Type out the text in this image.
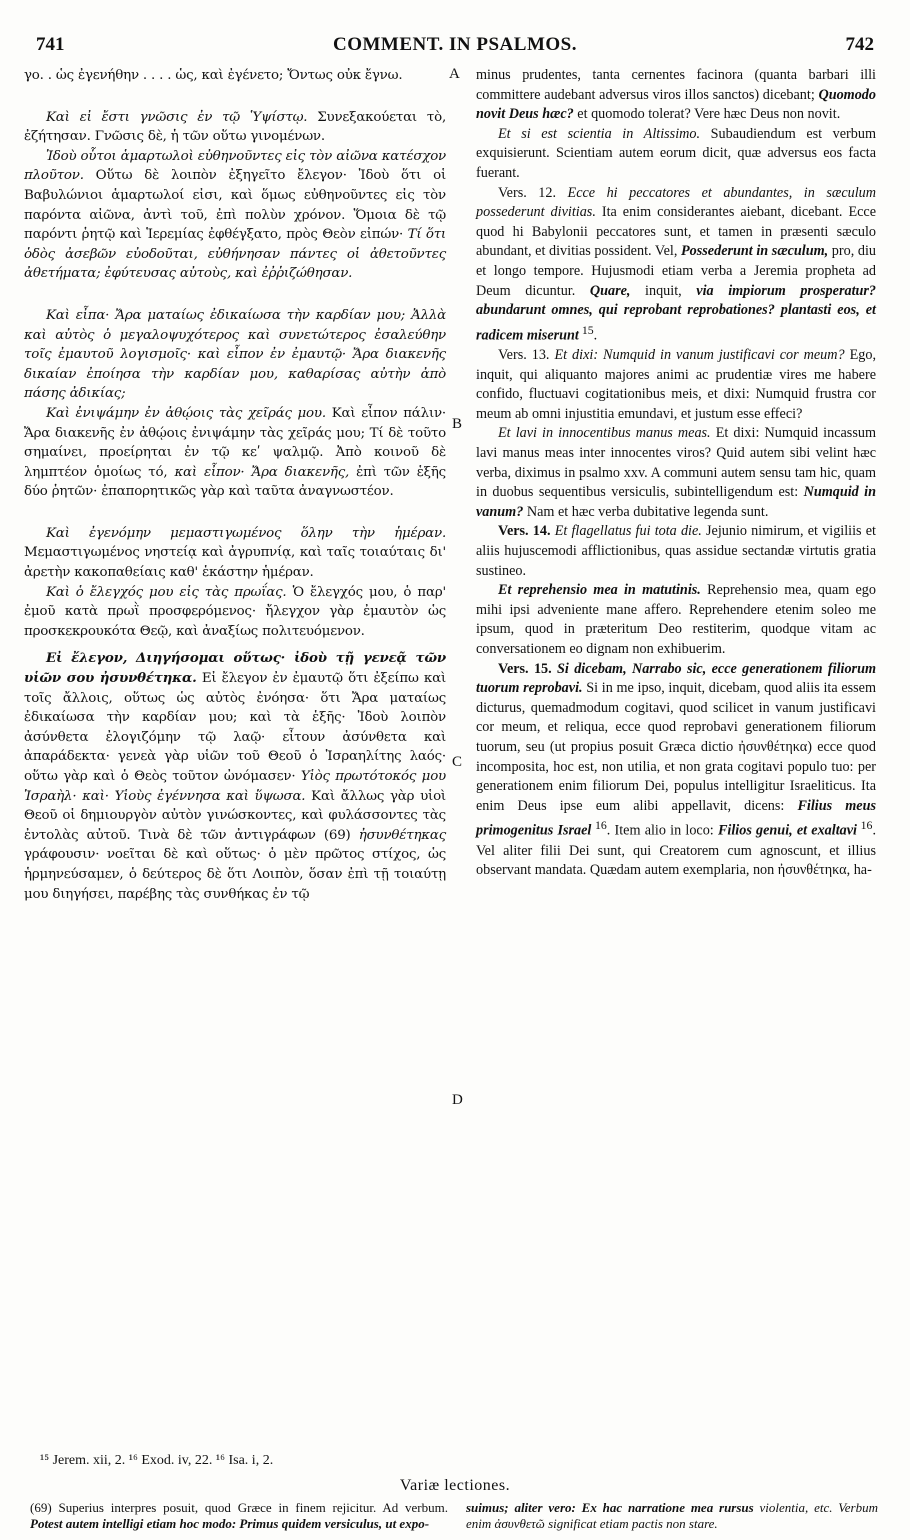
741	COMMENT. IN PSALMOS.	742

γο. . ὡς ἐγενήθην . . . . ὡς, καὶ ἐγένετο; Ὄντως οὐκ ἔγνω.

Καὶ εἰ ἔστι γνῶσις ἐν τῷ Ὑψίστῳ. Συνεξακούεται τὸ, ἐζήτησαν. Γνῶσις δὲ, ἡ τῶν οὕτω γινομένων.

Ἰδοὺ οὗτοι ἁμαρτωλοὶ εὐθηνοῦντες εἰς τὸν αἰῶνα κατέσχον πλοῦτον. Οὕτω δὲ λοιπὸν ἐξηγεῖτο ἔλεγον· Ἰδοὺ ὅτι οἱ Βαβυλώνιοι ἁμαρτωλοί εἰσι, καὶ ὅμως εὐθηνοῦντες εἰς τὸν παρόντα αἰῶνα, ἀντὶ τοῦ, ἐπὶ πολὺν χρόνον. Ὅμοια δὲ τῷ παρόντι ῥητῷ καὶ Ἱερεμίας ἐφθέγξατο, πρὸς Θεὸν εἰπών· Τί ὅτι ὁδὸς ἀσεβῶν εὐοδοῦται, εὐθήνησαν πάντες οἱ ἀθετοῦντες ἀθετήματα; ἐφύτευσας αὐτοὺς, καὶ ἐῤῥιζώθησαν.

Καὶ εἶπα· Ἄρα ματαίως ἐδικαίωσα τὴν καρδίαν μου; Ἀλλὰ καὶ αὐτὸς ὁ μεγαλοψυχότερος καὶ συνετώτερος ἐσαλεύθην τοῖς ἐμαυτοῦ λογισμοῖς· καὶ εἶπον ἐν ἐμαυτῷ· Ἄρα διακενῆς δικαίαν ἐποίησα τὴν καρδίαν μου, καθαρίσας αὐτὴν ἀπὸ πάσης ἀδικίας;

Καὶ ἐνιψάμην ἐν ἀθῴοις τὰς χεῖράς μου. Καὶ εἶπον πάλιν· Ἄρα διακενῆς ἐν ἀθῴοις ἐνιψάμην τὰς χεῖράς μου; Τί δὲ τοῦτο σημαίνει, προείρηται ἐν τῷ κεʹ ψαλμῷ. Ἀπὸ κοινοῦ δὲ λημπτέον ὁμοίως τό, καὶ εἶπον· Ἄρα διακενῆς, ἐπὶ τῶν ἑξῆς δύο ῥητῶν· ἐπαπορητικῶς γὰρ καὶ ταῦτα ἀναγνωστέον.

Καὶ ἐγενόμην μεμαστιγωμένος ὅλην τὴν ἡμέραν. Μεμαστιγωμένος νηστείᾳ καὶ ἀγρυπνίᾳ, καὶ ταῖς τοιαύταις δι' ἀρετὴν κακοπαθείαις καθ' ἑκάστην ἡμέραν.

Καὶ ὁ ἔλεγχός μου εἰς τὰς πρωΐας. Ὁ ἔλεγχός μου, ὁ παρ' ἐμοῦ κατὰ πρωῒ προσφερόμενος· ἤλεγχον γὰρ ἐμαυτὸν ὡς προσκεκρουκότα Θεῷ, καὶ ἀναξίως πολιτευόμενον.

Εἰ ἔλεγον, Διηγήσομαι οὕτως· ἰδοὺ τῇ γενεᾷ τῶν υἱῶν σου ἠσυνθέτηκα. Εἰ ἔλεγον ἐν ἐμαυτῷ ὅτι ἐξείπω καὶ τοῖς ἄλλοις, οὕτως ὡς αὐτὸς ἐνόησα· ὅτι Ἄρα ματαίως ἐδικαίωσα τὴν καρδίαν μου; καὶ τὰ ἑξῆς· Ἰδοὺ λοιπὸν ἀσύνθετα ἐλογιζόμην τῷ λαῷ· εἶτουν ἀσύνθετα καὶ ἀπαράδεκτα· γενεὰ γὰρ υἱῶν τοῦ Θεοῦ ὁ Ἰσραηλίτης λαός· οὕτω γὰρ καὶ ὁ Θεὸς τοῦτον ὠνόμασεν· Υἱὸς πρωτότοκός μου Ἰσραὴλ· καὶ· Υἱοὺς ἐγέννησα καὶ ὕψωσα. Καὶ ἄλλως γὰρ υἱοὶ Θεοῦ οἱ δημιουργὸν αὐτὸν γινώσκοντες, καὶ φυλάσσοντες τὰς ἐντολὰς αὐτοῦ. Τινὰ δὲ τῶν ἀντιγράφων (69) ἠσυνθέτηκας γράφουσιν· νοεῖται δὲ καὶ οὕτως· ὁ μὲν πρῶτος στίχος, ὡς ἡρμηνεύσαμεν, ὁ δεύτερος δὲ ὅτι Λοιπὸν, ὅσαν ἐπὶ τῇ τοιαύτῃ μου διηγήσει, παρέβης τὰς συνθήκας ἐν τῷ

A
B
C
D

minus prudentes, tanta cernentes facinora (quanta barbari illi committere audebant adversus viros illos sanctos) dicebant; Quomodo novit Deus hæc? et quomodo tolerat? Vere hæc Deus non novit.

Et si est scientia in Altissimo. Subaudiendum est verbum exquisierunt. Scientiam autem eorum dicit, quæ adversus eos facta fuerant.

Vers. 12. Ecce hi peccatores et abundantes, in sæculum possederunt divitias. Ita enim considerantes aiebant, dicebant. Ecce quod hi Babylonii peccatores sunt, et tamen in præsenti sæculo abundant, et divitias possident. Vel, Possederunt in sæculum, pro, diu et longo tempore. Hujusmodi etiam verba a Jeremia propheta ad Deum dicuntur. Quare, inquit, via impiorum prosperatur? abundarunt omnes, qui reprobant reprobationes? plantasti eos, et radicem miserunt $^{15}$.

Vers. 13. Et dixi: Numquid in vanum justificavi cor meum? Ego, inquit, qui aliquanto majores animi ac prudentiæ vires me habere confido, fluctuavi cogitationibus meis, et dixi: Numquid frustra cor meum ab omni injustitia emundavi, et justum esse effeci?

Et lavi in innocentibus manus meas. Et dixi: Numquid incassum lavi manus meas inter innocentes viros? Quid autem sibi velint hæc verba, diximus in psalmo xxv. A communi autem sensu tam hic, quam in duobus sequentibus versiculis, subintelligendum est: Numquid in vanum? Nam et hæc verba dubitative legenda sunt.

Vers. 14. Et flagellatus fui tota die. Jejunio nimirum, et vigiliis et aliis hujuscemodi afflictionibus, quas assidue sectandæ virtutis gratia sustineo.

Et reprehensio mea in matutinis. Reprehensio mea, quam ego mihi ipsi adveniente mane affero. Reprehendere etenim soleo me ipsum, quod in præteritum Deo restiterim, quodque vitam ac conversationem eo dignam non exhibuerim.

Vers. 15. Si dicebam, Narrabo sic, ecce generationem filiorum tuorum reprobavi. Si in me ipso, inquit, dicebam, quod aliis ita essem dicturus, quemadmodum cogitavi, quod scilicet in vanum justificavi cor meum, et reliqua, ecce quod reprobavi generationem filiorum tuorum, seu (ut propius posuit Græca dictio ἠσυνθέτηκα) ecce quod incomposita, hoc est, non utilia, et non grata cogitavi populo tuo: per generationem enim filiorum Dei, populus intelligitur Israeliticus. Ita enim Deus ipse eum alibi appellavit, dicens: Filius meus primogenitus Israel $^{16}$. Item alio in loco: Filios genui, et exaltavi $^{16}$. Vel aliter filii Dei sunt, qui Creatorem cum agnoscunt, et illius observant mandata. Quædam autem exemplaria, non ἠσυνθέτηκα, ha-

¹⁵ Jerem. xii, 2. ¹⁶ Exod. iv, 22. ¹⁶ Isa. i, 2.
Variæ lectiones.

(69) Superius interpres posuit, quod Græce in finem rejicitur. Ad verbum. Potest autem intelligi etiam hoc modo: Primus quidem versiculus, ut expo-

suimus; aliter vero: Ex hac narratione mea rursus violentia, etc. Verbum enim ἀσυνθετῶ significat etiam pactis non stare.
